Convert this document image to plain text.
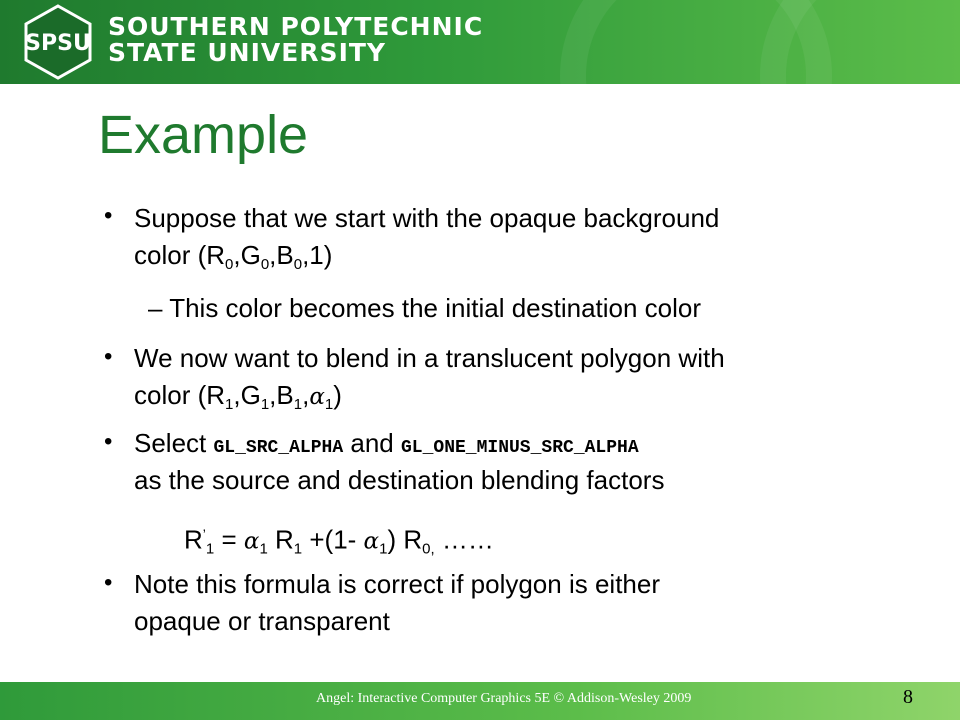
SPSU
SOUTHERN POLYTECHNIC
STATE UNIVERSITY
Example
• Suppose that we start with the opaque background
color $(R_0,G_0,B_0,1)$
– This color becomes the initial destination color
• We now want to blend in a translucent polygon with
color $(R_1,G_1,B_1,\alpha_1)$
• Select GL_SRC_ALPHA and GL_ONE_MINUS_SRC_ALPHA
as the source and destination blending factors
$R^’_1 = \alpha_1$ $R_1 +(1-$ $\alpha_1$) $R_{0,}$ ……
• Note this formula is correct if polygon is either
opaque or transparent
Angel: Interactive Computer Graphics 5E © Addison-Wesley 2009	8
